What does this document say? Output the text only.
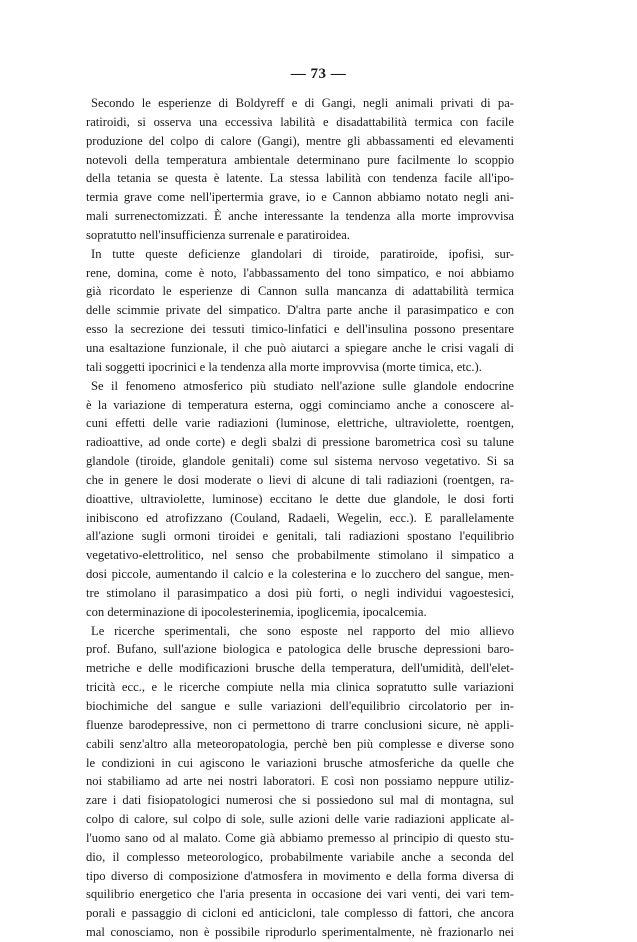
— 73 —
Secondo le esperienze di Boldyreff e di Gangi, negli animali privati di pa-
ratiroidi, si osserva una eccessiva labilità e disadattabilità termica con facile
produzione del colpo di calore (Gangi), mentre gli abbassamenti ed elevamenti
notevoli della temperatura ambientale determinano pure facilmente lo scoppio
della tetania se questa è latente. La stessa labilità con tendenza facile all'ipo-
termia grave come nell'ipertermia grave, io e Cannon abbiamo notato negli ani-
mali surrenectomizzati. È anche interessante la tendenza alla morte improvvisa
sopratutto nell'insufficienza surrenale e paratiroidea.
In tutte queste deficienze glandolari di tiroide, paratiroide, ipofisi, sur-
rene, domina, come è noto, l'abbassamento del tono simpatico, e noi abbiamo
già ricordato le esperienze di Cannon sulla mancanza di adattabilità termica
delle scimmie private del simpatico. D'altra parte anche il parasimpatico e con
esso la secrezione dei tessuti timico-linfatici e dell'insulina possono presentare
una esaltazione funzionale, il che può aiutarci a spiegare anche le crisi vagali di
tali soggetti ipocrinici e la tendenza alla morte improvvisa (morte timica, etc.).
Se il fenomeno atmosferico più studiato nell'azione sulle glandole endocrine
è la variazione di temperatura esterna, oggi cominciamo anche a conoscere al-
cuni effetti delle varie radiazioni (luminose, elettriche, ultraviolette, roentgen,
radioattive, ad onde corte) e degli sbalzi di pressione barometrica così su talune
glandole (tiroide, glandole genitali) come sul sistema nervoso vegetativo. Si sa
che in genere le dosi moderate o lievi di alcune di tali radiazioni (roentgen, ra-
dioattive, ultraviolette, luminose) eccitano le dette due glandole, le dosi forti
inibiscono ed atrofizzano (Couland, Radaeli, Wegelin, ecc.). E parallelamente
all'azione sugli ormoni tiroidei e genitali, tali radiazioni spostano l'equilibrio
vegetativo-elettrolitico, nel senso che probabilmente stimolano il simpatico a
dosi piccole, aumentando il calcio e la colesterina e lo zucchero del sangue, men-
tre stimolano il parasimpatico a dosi più forti, o negli individui vagoestesici,
con determinazione di ipocolesterinemia, ipoglicemia, ipocalcemia.
Le ricerche sperimentali, che sono esposte nel rapporto del mio allievo
prof. Bufano, sull'azione biologica e patologica delle brusche depressioni baro-
metriche e delle modificazioni brusche della temperatura, dell'umidità, dell'elet-
tricità ecc., e le ricerche compiute nella mia clinica sopratutto sulle variazioni
biochimiche del sangue e sulle variazioni dell'equilibrio circolatorio per in-
fluenze barodepressive, non ci permettono di trarre conclusioni sicure, nè appli-
cabili senz'altro alla meteoropatologia, perchè ben più complesse e diverse sono
le condizioni in cui agiscono le variazioni brusche atmosferiche da quelle che
noi stabiliamo ad arte nei nostri laboratori. E così non possiamo neppure utiliz-
zare i dati fisiopatologici numerosi che si possiedono sul mal di montagna, sul
colpo di calore, sul colpo di sole, sulle azioni delle varie radiazioni applicate al-
l'uomo sano od al malato. Come già abbiamo premesso al principio di questo stu-
dio, il complesso meteorologico, probabilmente variabile anche a seconda del
tipo diverso di composizione d'atmosfera in movimento e della forma diversa di
squilibrio energetico che l'aria presenta in occasione dei vari venti, dei vari tem-
porali e passaggio di cicloni ed anticicloni, tale complesso di fattori, che ancora
mal conosciamo, non è possibile riprodurlo sperimentalmente, nè frazionarlo nei
